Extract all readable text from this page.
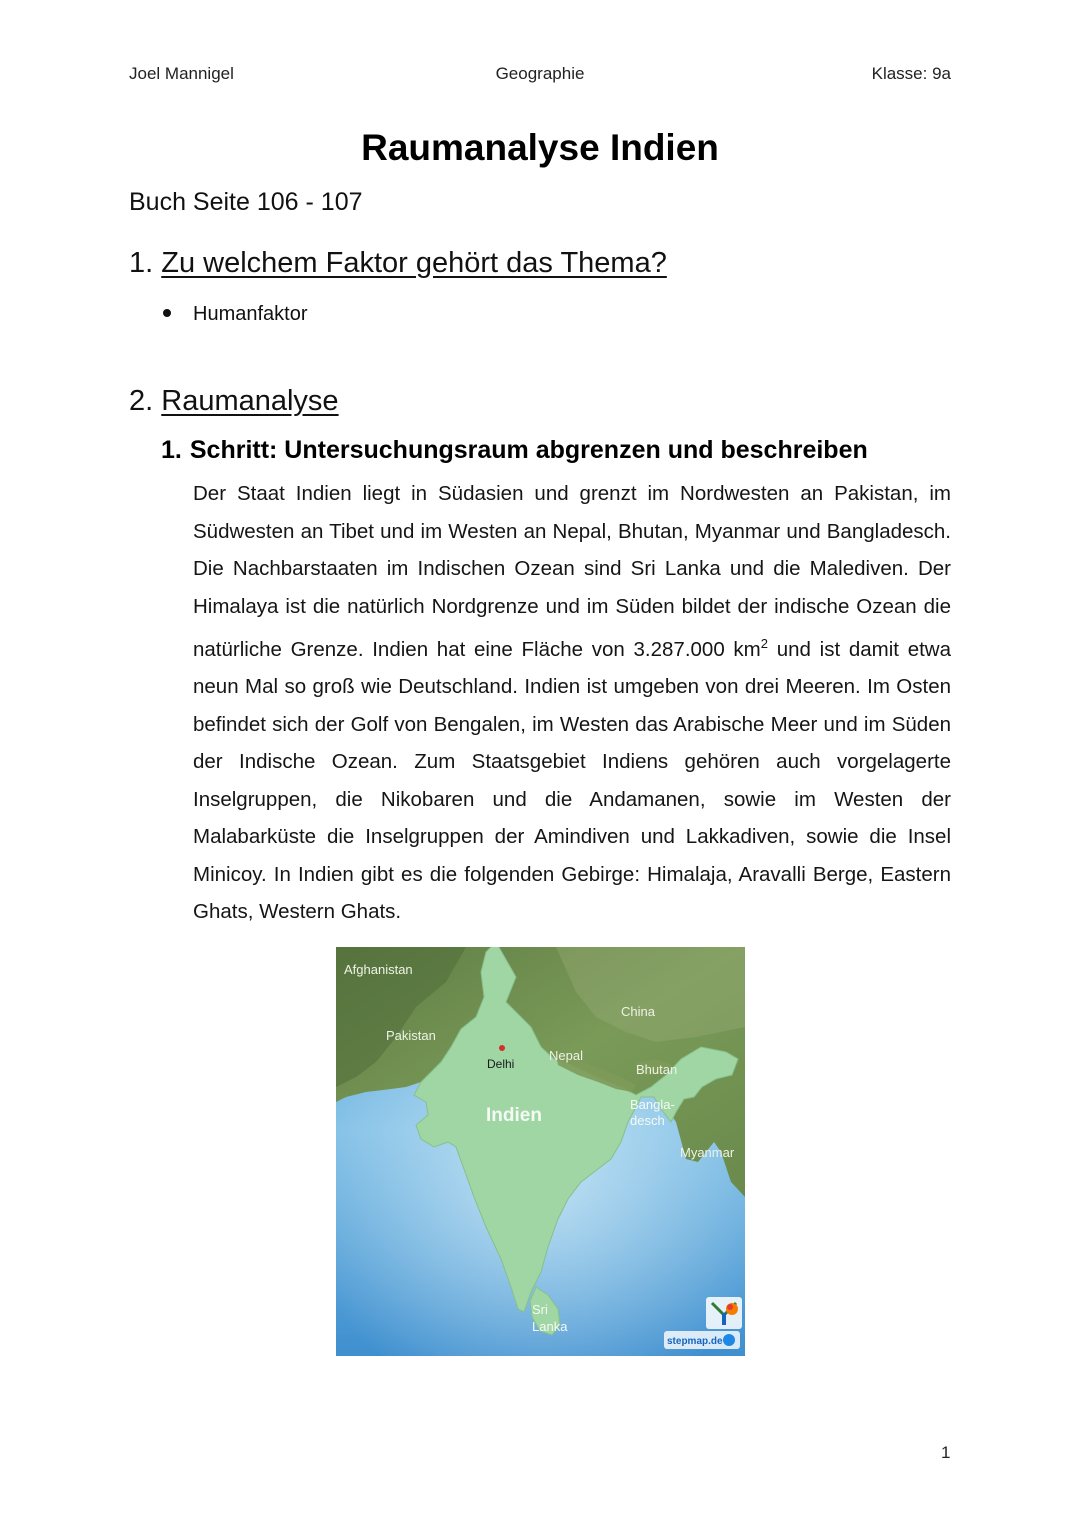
Joel Mannigel	Geographie	Klasse: 9a
Raumanalyse Indien
Buch Seite 106 - 107
1. Zu welchem Faktor gehört das Thema?
Humanfaktor
2. Raumanalyse
1. Schritt: Untersuchungsraum abgrenzen und beschreiben

Der Staat Indien liegt in Südasien und grenzt im Nordwesten an Pakistan, im Südwesten an Tibet und im Westen an Nepal, Bhutan, Myanmar und Bangladesch. Die Nachbarstaaten im Indischen Ozean sind Sri Lanka und die Malediven. Der Himalaya ist die natürlich Nordgrenze und im Süden bildet der indische Ozean die natürliche Grenze. Indien hat eine Fläche von 3.287.000 $km^2$ und ist damit etwa neun Mal so groß wie Deutschland. Indien ist umgeben von drei Meeren. Im Osten befindet sich der Golf von Bengalen, im Westen das Arabische Meer und im Süden der Indische Ozean. Zum Staatsgebiet Indiens gehören auch vorgelagerte Inselgruppen, die Nikobaren und die Andamanen, sowie im Westen der Malabarküste die Inselgruppen der Amindiven und Lakkadiven, sowie die Insel Minicoy. In Indien gibt es die folgenden Gebirge: Himalaja, Aravalli Berge, Eastern Ghats, Western Ghats.

Afghanistan
Pakistan
China
Nepal
Delhi	Bhutan
Indien
Bangla-
desch
Myanmar
Sri
Lanka
stepmap.de
1
